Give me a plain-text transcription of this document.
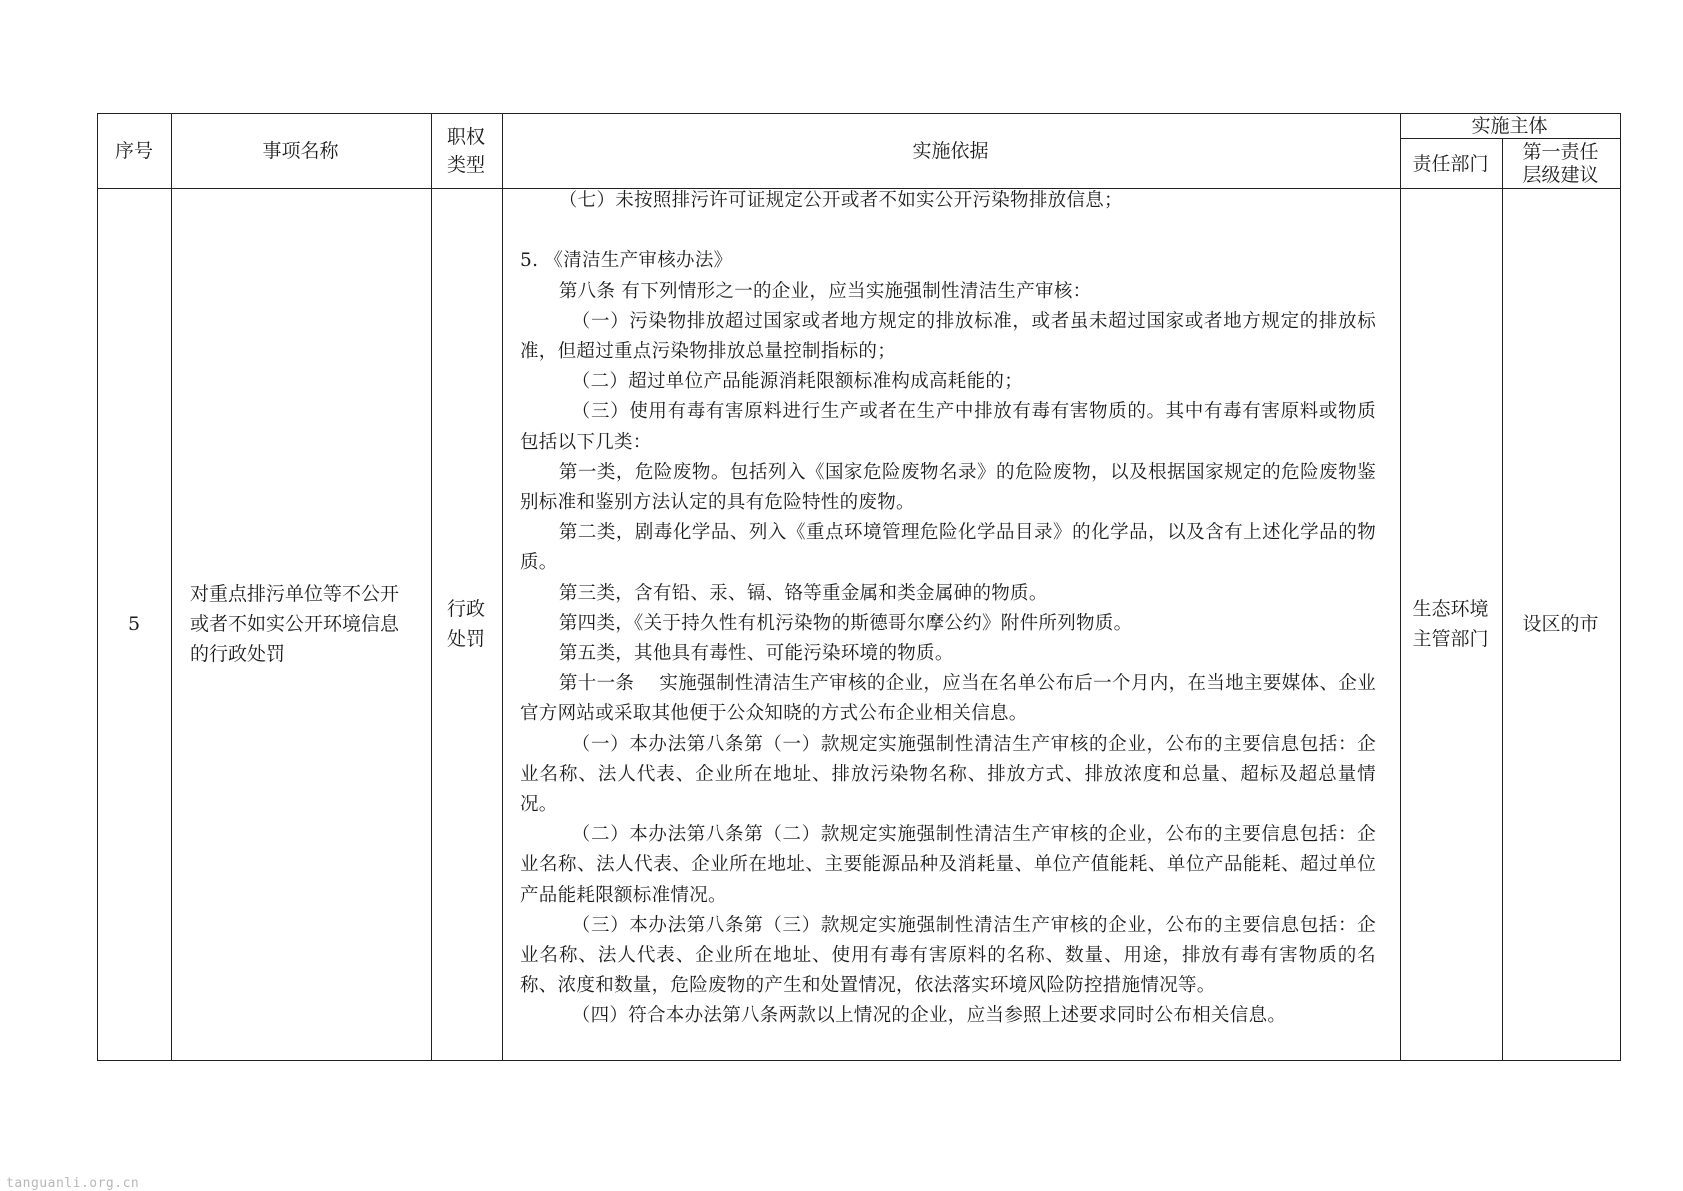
序号	事项名称
职权
类型
实施依据
实施主体
责任部门
第一责任
层级建议
5
对重点排污单位等不公开或者不如实公开环境信息的行政处罚
行政
处罚
生态环境
主管部门
设区的市

（七）未按照排污许可证规定公开或者不如实公开污染物排放信息；

5. 《清洁生产审核办法》

第八条 有下列情形之一的企业，应当实施强制性清洁生产审核：

（一）污染物排放超过国家或者地方规定的排放标准，或者虽未超过国家或者地方规定的排放标准，但超过重点污染物排放总量控制指标的；

（二）超过单位产品能源消耗限额标准构成高耗能的；

（三）使用有毒有害原料进行生产或者在生产中排放有毒有害物质的。其中有毒有害原料或物质包括以下几类：

第一类，危险废物。包括列入《国家危险废物名录》的危险废物，以及根据国家规定的危险废物鉴别标准和鉴别方法认定的具有危险特性的废物。

第二类，剧毒化学品、列入《重点环境管理危险化学品目录》的化学品，以及含有上述化学品的物质。

第三类，含有铅、汞、镉、铬等重金属和类金属砷的物质。

第四类，《关于持久性有机污染物的斯德哥尔摩公约》附件所列物质。

第五类，其他具有毒性、可能污染环境的物质。

第十一条　 实施强制性清洁生产审核的企业，应当在名单公布后一个月内，在当地主要媒体、企业官方网站或采取其他便于公众知晓的方式公布企业相关信息。

（一）本办法第八条第（一）款规定实施强制性清洁生产审核的企业，公布的主要信息包括：企业名称、法人代表、企业所在地址、排放污染物名称、排放方式、排放浓度和总量、超标及超总量情况。

（二）本办法第八条第（二）款规定实施强制性清洁生产审核的企业，公布的主要信息包括：企业名称、法人代表、企业所在地址、主要能源品种及消耗量、单位产值能耗、单位产品能耗、超过单位产品能耗限额标准情况。

（三）本办法第八条第（三）款规定实施强制性清洁生产审核的企业，公布的主要信息包括：企业名称、法人代表、企业所在地址、使用有毒有害原料的名称、数量、用途，排放有毒有害物质的名称、浓度和数量，危险废物的产生和处置情况，依法落实环境风险防控措施情况等。

（四）符合本办法第八条两款以上情况的企业，应当参照上述要求同时公布相关信息。

tanguanli.org.cn
